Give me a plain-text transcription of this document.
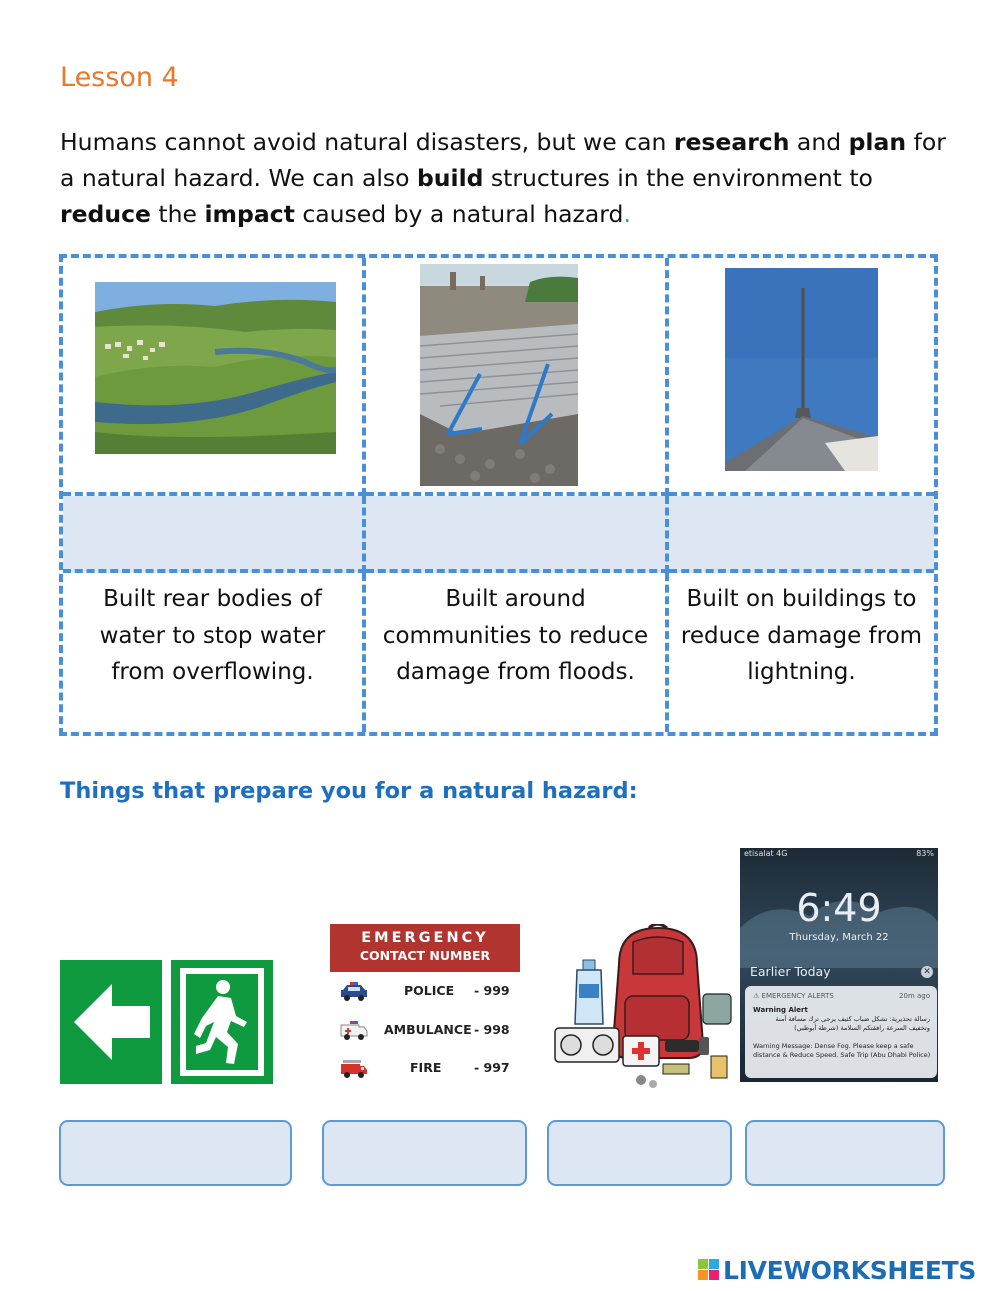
Lesson 4
Humans cannot avoid natural disasters, but we can research and plan for a natural hazard. We can also build structures in the environment to reduce the impact caused by a natural hazard.
Built rear bodies of water to stop water from overflowing.
Built around communities to reduce damage from floods.
Built on buildings to reduce damage from lightning.
Things that prepare you for a natural hazard:
EMERGENCY
CONTACT NUMBER
POLICE - 999
AMBULANCE - 998
FIRE	- 997
etisalat 4G	83%
6:49
Thursday, March 22
Earlier Today	✕
⚠ EMERGENCY ALERTS	20m ago
Warning Alert
رسالة تحذيرية: تشكل ضباب كثيف يرجى ترك مسافة آمنة وتخفيف السرعة رافقتكم السلامة (شرطة أبوظبي)
Warning Message: Dense Fog. Please keep a safe distance & Reduce Speed. Safe Trip (Abu Dhabi Police)
LIVEWORKSHEETS
